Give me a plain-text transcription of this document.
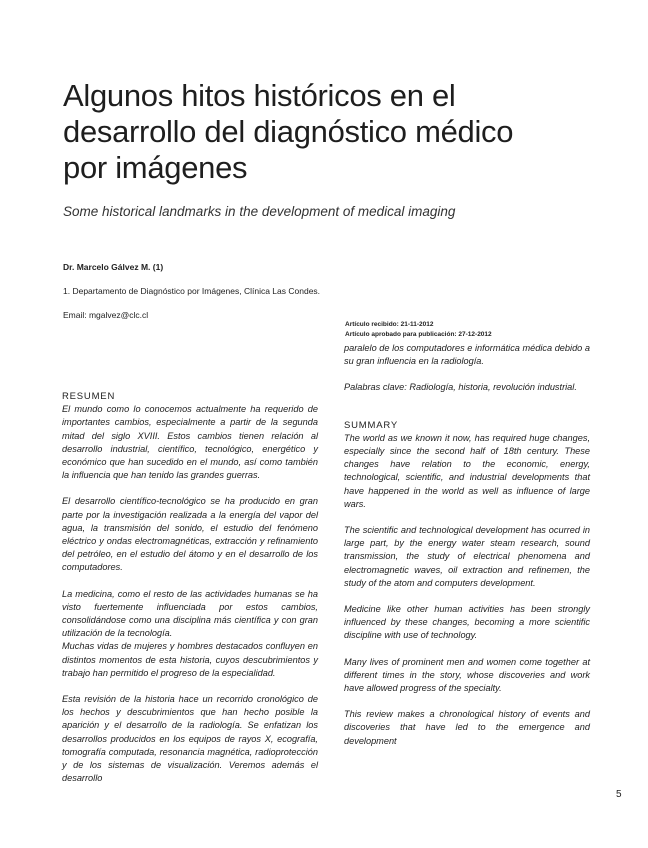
Algunos hitos históricos en el
desarrollo del diagnóstico médico
por imágenes
Some historical landmarks in the development of medical imaging
Dr. Marcelo Gálvez M. (1)
1. Departamento de Diagnóstico por Imágenes, Clínica Las Condes.
Email: mgalvez@clc.cl
Artículo recibido: 21-11-2012
Artículo aprobado para publicación: 27-12-2012
RESUMEN

El mundo como lo conocemos actualmente ha requerido de importantes cambios, especialmente a partir de la segunda mitad del siglo XVIII. Estos cambios tienen relación al desarrollo industrial, científico, tecnológico, energético y económico que han sucedido en el mundo, así como también la influencia que han tenido las grandes guerras.

El desarrollo científico-tecnológico se ha producido en gran parte por la investigación realizada a la energía del vapor del agua, la transmisión del sonido, el estudio del fenómeno eléctrico y ondas electromagnéticas, extracción y refinamiento del petróleo, en el estudio del átomo y en el desarrollo de los computadores.

La medicina, como el resto de las actividades humanas se ha visto fuertemente influenciada por estos cambios, consolidándose como una disciplina más científica y con gran utilización de la tecnología.

Muchas vidas de mujeres y hombres destacados confluyen en distintos momentos de esta historia, cuyos descubrimientos y trabajo han permitido el progreso de la especialidad.

Esta revisión de la historia hace un recorrido cronológico de los hechos y descubrimientos que han hecho posible la aparición y el desarrollo de la radiología. Se enfatizan los desarrollos producidos en los equipos de rayos X, ecografía, tomografía computada, resonancia magnética, radioprotección y de los sistemas de visualización. Veremos además el desarrollo

paralelo de los computadores e informática médica debido a su gran influencia en la radiología.

Palabras clave: Radiología, historia, revolución industrial.

SUMMARY

The world as we known it now, has required huge changes, especially since the second half of 18th century. These changes have relation to the economic, energy, technological, scientific, and industrial developments that have happened in the world as well as influence of large wars.

The scientific and technological development has ocurred in large part, by the energy water steam research, sound transmission, the study of electrical phenomena and electromagnetic waves, oil extraction and refinemen, the study of the atom and computers development.

Medicine like other human activities has been strongly influenced by these changes, becoming a more scientific discipline with use of technology.

Many lives of prominent men and women come together at different times in the story, whose discoveries and work have allowed progress of the specialty.

This review makes a chronological history of events and discoveries that have led to the emergence and development

5
